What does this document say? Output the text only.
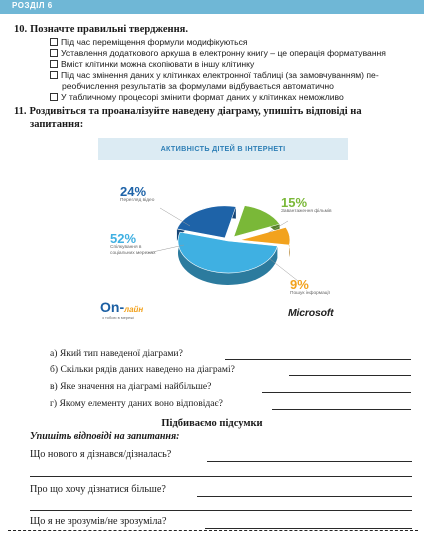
РОЗДІЛ 6
10. Позначте правильні твердження.
Під час переміщення формули модифікуються
Уставлення додаткового аркуша в електронну книгу – це операція форматування
Вміст клітинки можна скопіювати в іншу клітинку
Під час змінення даних у клітинках електронної таблиці (за замовчуванням) пе-
реобчислення результатів за формулами відбувається автоматично
У табличному процесорі змінити формат даних у клітинках неможливо
11. Роздивіться та проаналізуйте наведену діаграму, упишіть відповіді на
запитання:
АКТИВНІСТЬ ДІТЕЙ В ІНТЕРНЕТІ
24%
Перегляд відео
52%
Спілкування в
соціальних мережах
15%
Завантаження фільмів
9%
Пошук інформації
On-лайн
з тобою в мережі	Microsoft
а) Який тип наведеної діаграми?
б) Скільки рядів даних наведено на діаграмі?
в) Яке значення на діаграмі найбільше?
г) Якому елементу даних воно відповідає?
Підбиваємо підсумки
Упишіть відповіді на запитання:
Що нового я дізнався/дізналась?
Про що хочу дізнатися більше?
Що я не зрозумів/не зрозуміла?
